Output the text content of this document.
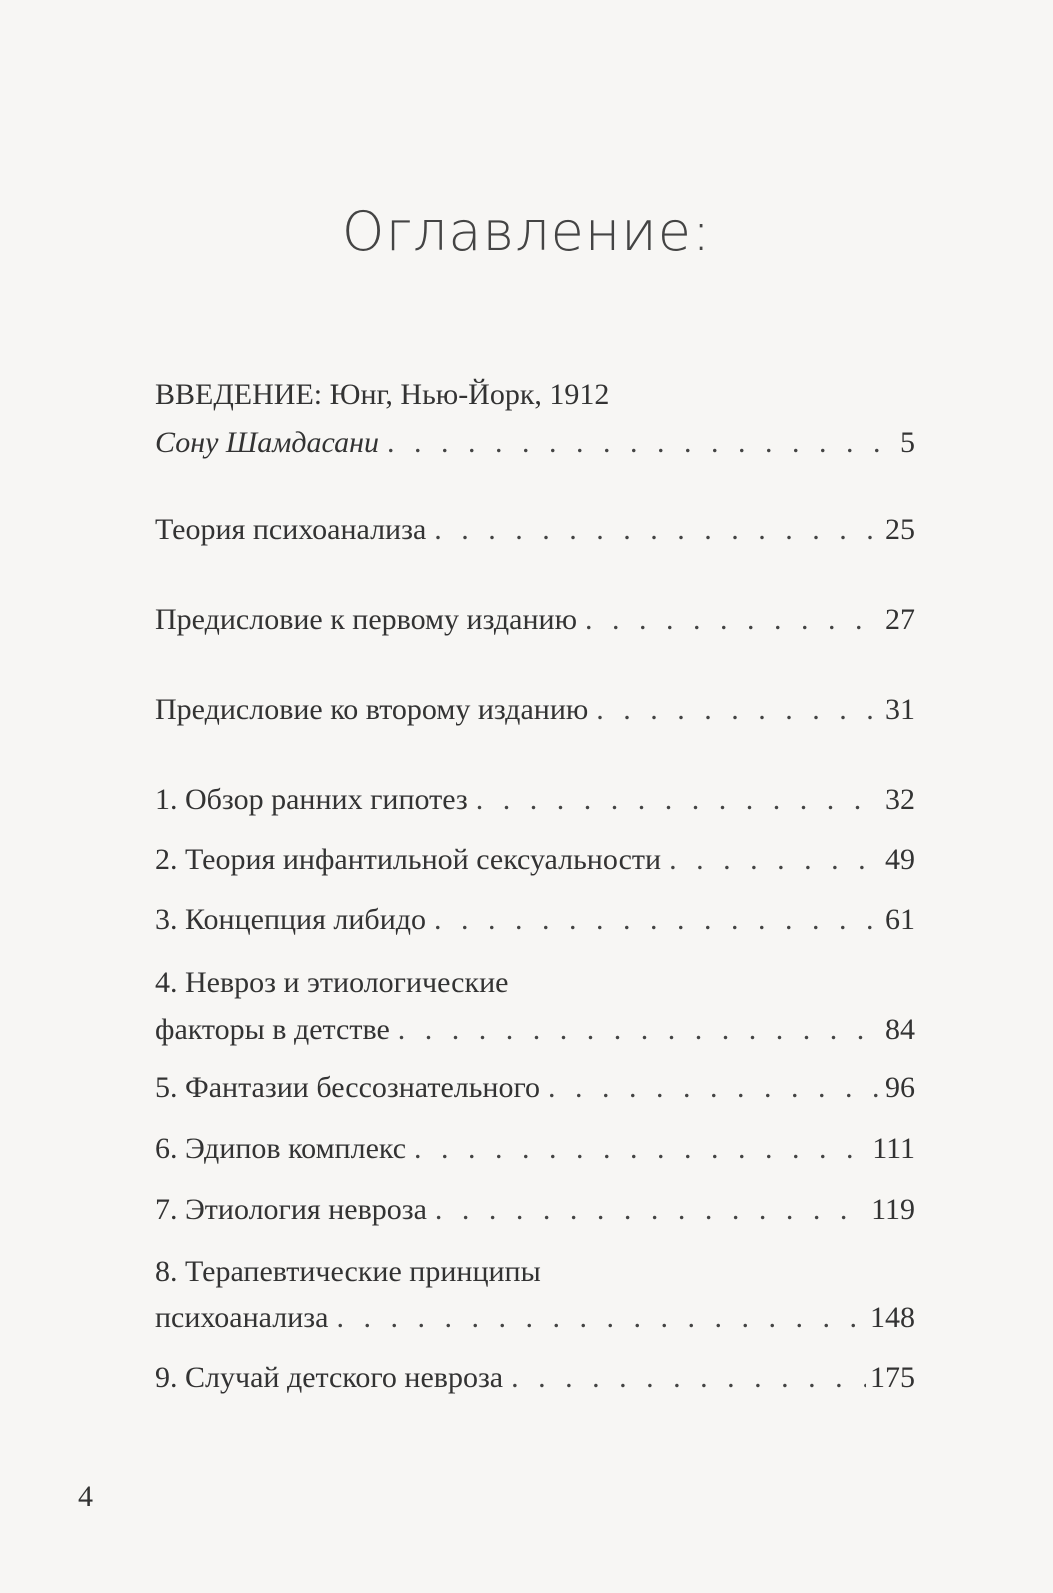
Оглавление:
ВВЕДЕНИЕ: Юнг, Нью-Йорк, 1912
Сону Шамдасани . . .	5
Теория психоанализа . . .	25
Предисловие к первому изданию . . .	27
Предисловие ко второму изданию . . .	31
1. Обзор ранних гипотез . . .	32
2. Теория инфантильной сексуальности . . .	49
3. Концепция либидо . . .	61
4. Невроз и этиологические
факторы в детстве . . .	84
5. Фантазии бессознательного . . .	96
6. Эдипов комплекс . . .	111
7. Этиология невроза . . .	119
8. Терапевтические принципы
психоанализа . . .	148
9. Случай детского невроза . . .	175
4
